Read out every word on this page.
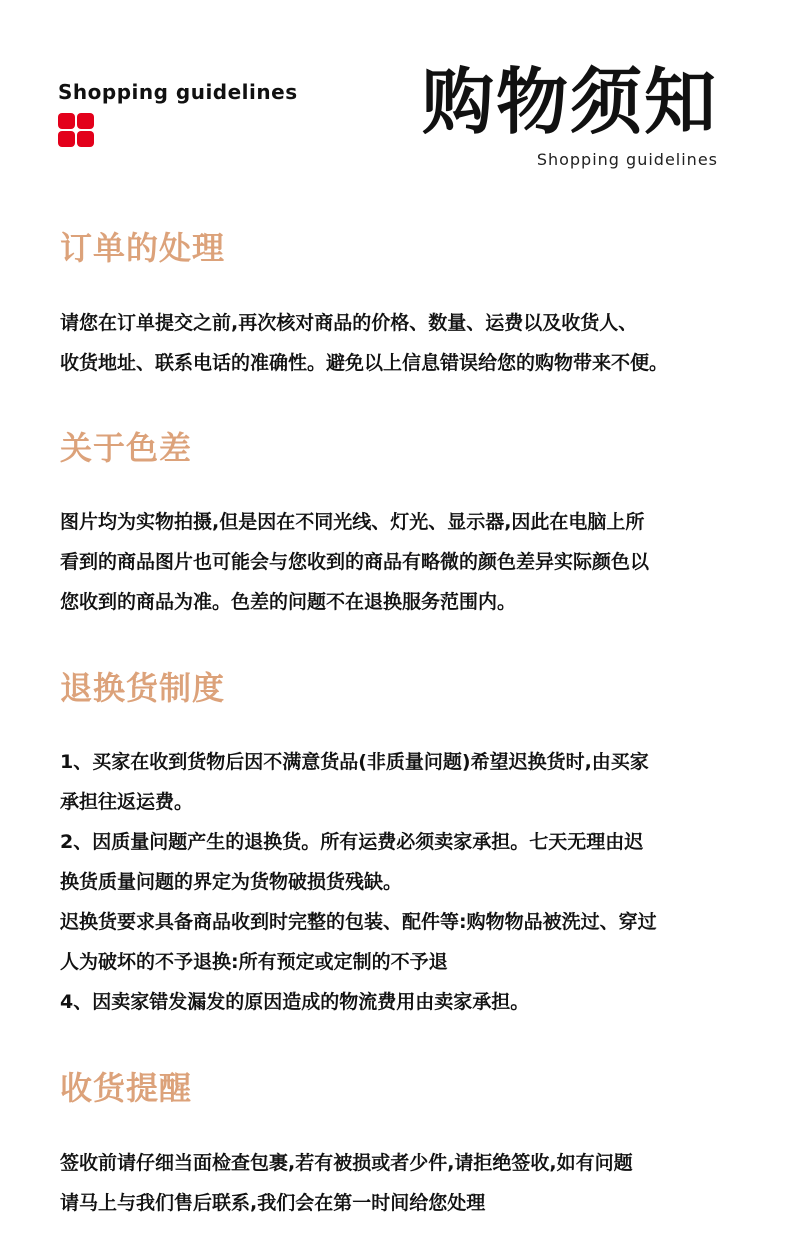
Shopping guidelines 购物须知
Shopping guidelines
订单的处理
请您在订单提交之前,再次核对商品的价格、数量、运费以及收货人、
收货地址、联系电话的准确性。避免以上信息错误给您的购物带来不便。
关于色差
图片均为实物拍摄,但是因在不同光线、灯光、显示器,因此在电脑上所
看到的商品图片也可能会与您收到的商品有略微的颜色差异实际颜色以
您收到的商品为准。色差的问题不在退换服务范围内。
退换货制度
1、买家在收到货物后因不满意货品(非质量问题)希望迟换货时,由买家
承担往返运费。
2、因质量问题产生的退换货。所有运费必须卖家承担。七天无理由迟
换货质量问题的界定为货物破损货残缺。
迟换货要求具备商品收到时完整的包装、配件等:购物物品被洗过、穿过
人为破坏的不予退换:所有预定或定制的不予退
4、因卖家错发漏发的原因造成的物流费用由卖家承担。
收货提醒
签收前请仔细当面检查包裹,若有被损或者少件,请拒绝签收,如有问题
请马上与我们售后联系,我们会在第一时间给您处理
